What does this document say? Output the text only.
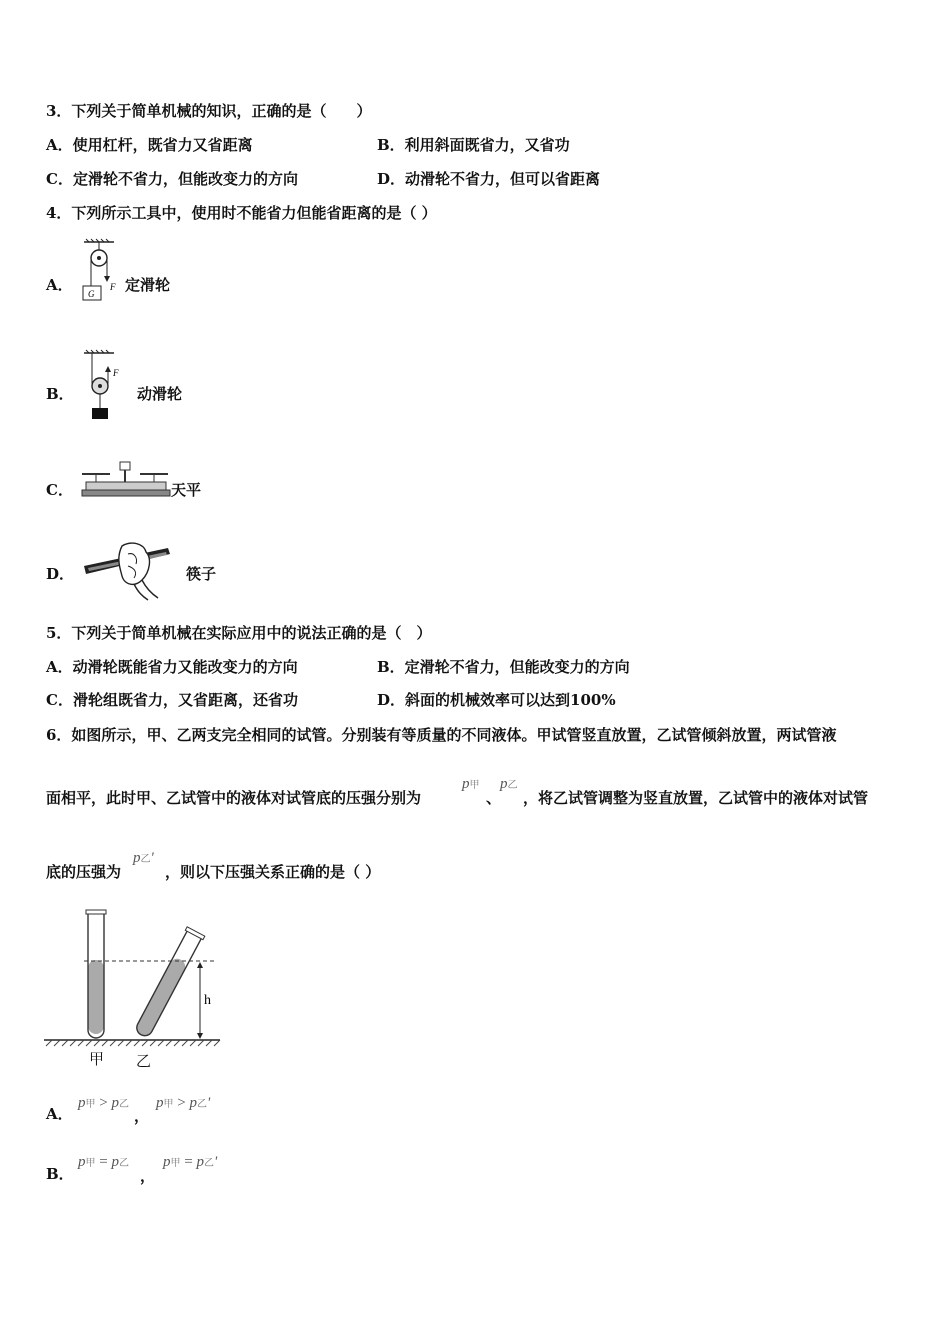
3．下列关于简单机械的知识，正确的是（　　）
A．使用杠杆，既省力又省距离	B．利用斜面既省力，又省功
C．定滑轮不省力，但能改变力的方向	D．动滑轮不省力，但可以省距离
4．下列所示工具中，使用时不能省力但能省距离的是（ ）
A． G
F 定滑轮
B．
F
动滑轮
C．	天平
D．	筷子
5．下列关于简单机械在实际应用中的说法正确的是（　）
A．动滑轮既能省力又能改变力的方向	B．定滑轮不省力，但能改变力的方向
C．滑轮组既省力，又省距离，还省功	D．斜面的机械效率可以达到100%
6．如图所示，甲、乙两支完全相同的试管。分别装有等质量的不同液体。甲试管竖直放置，乙试管倾斜放置，两试管液
面相平，此时甲、乙试管中的液体对试管底的压强分别为
p甲
、
p乙
，将乙试管调整为竖直放置，乙试管中的液体对试管
底的压强为
p乙'
，则以下压强关系正确的是（ ）
h
甲 乙
A．
p甲 > p乙
，
p甲 > p乙'
B．
p甲 = p乙
，
p甲 = p乙'
